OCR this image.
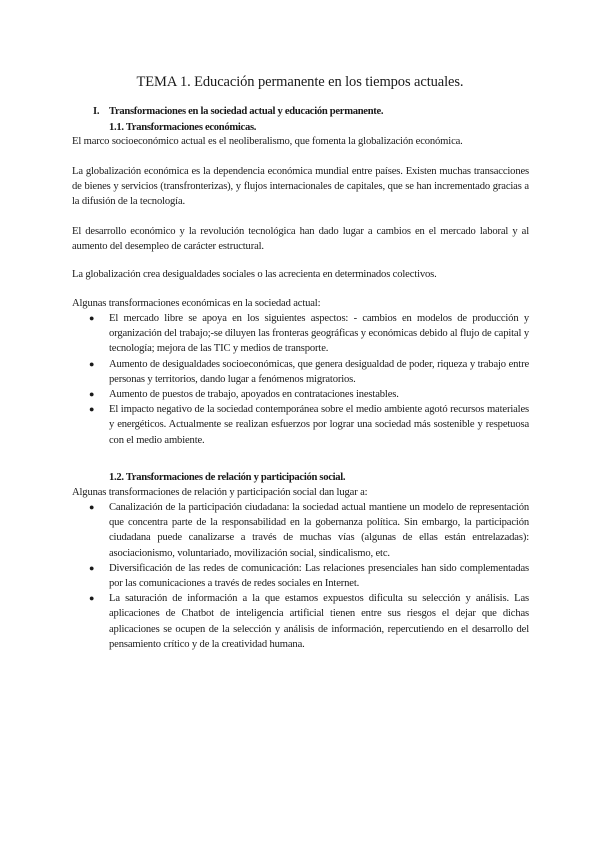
TEMA 1. Educación permanente en los tiempos actuales.
I. Transformaciones en la sociedad actual y educación permanente.
1.1. Transformaciones económicas.

El marco socioeconómico actual es el neoliberalismo, que fomenta la globalización económica.

La globalización económica es la dependencia económica mundial entre países. Existen muchas transacciones de bienes y servicios (transfronterizas), y flujos internacionales de capitales, que se han incrementado gracias a la difusión de la tecnología.

El desarrollo económico y la revolución tecnológica han dado lugar a cambios en el mercado laboral y al aumento del desempleo de carácter estructural.

La globalización crea desigualdades sociales o las acrecienta en determinados colectivos.

Algunas transformaciones económicas en la sociedad actual:

● El mercado libre se apoya en los siguientes aspectos: - cambios en modelos de producción y organización del trabajo;-se diluyen las fronteras geográficas y económicas debido al flujo de capital y tecnología; mejora de las TIC y medios de transporte.
● Aumento de desigualdades socioeconómicas, que genera desigualdad de poder, riqueza y trabajo entre personas y territorios, dando lugar a fenómenos migratorios.
● Aumento de puestos de trabajo, apoyados en contrataciones inestables.
● El impacto negativo de la sociedad contemporánea sobre el medio ambiente agotó recursos materiales y energéticos. Actualmente se realizan esfuerzos por lograr una sociedad más sostenible y respetuosa con el medio ambiente.
1.2. Transformaciones de relación y participación social.

Algunas transformaciones de relación y participación social dan lugar a:

● Canalización de la participación ciudadana: la sociedad actual mantiene un modelo de representación que concentra parte de la responsabilidad en la gobernanza política. Sin embargo, la participación ciudadana puede canalizarse a través de muchas vías (algunas de ellas están entrelazadas): asociacionismo, voluntariado, movilización social, sindicalismo, etc.
● Diversificación de las redes de comunicación: Las relaciones presenciales han sido complementadas por las comunicaciones a través de redes sociales en Internet.
● La saturación de información a la que estamos expuestos dificulta su selección y análisis. Las aplicaciones de Chatbot de inteligencia artificial tienen entre sus riesgos el dejar que dichas aplicaciones se ocupen de la selección y análisis de información, repercutiendo en el desarrollo del pensamiento crítico y de la creatividad humana.
